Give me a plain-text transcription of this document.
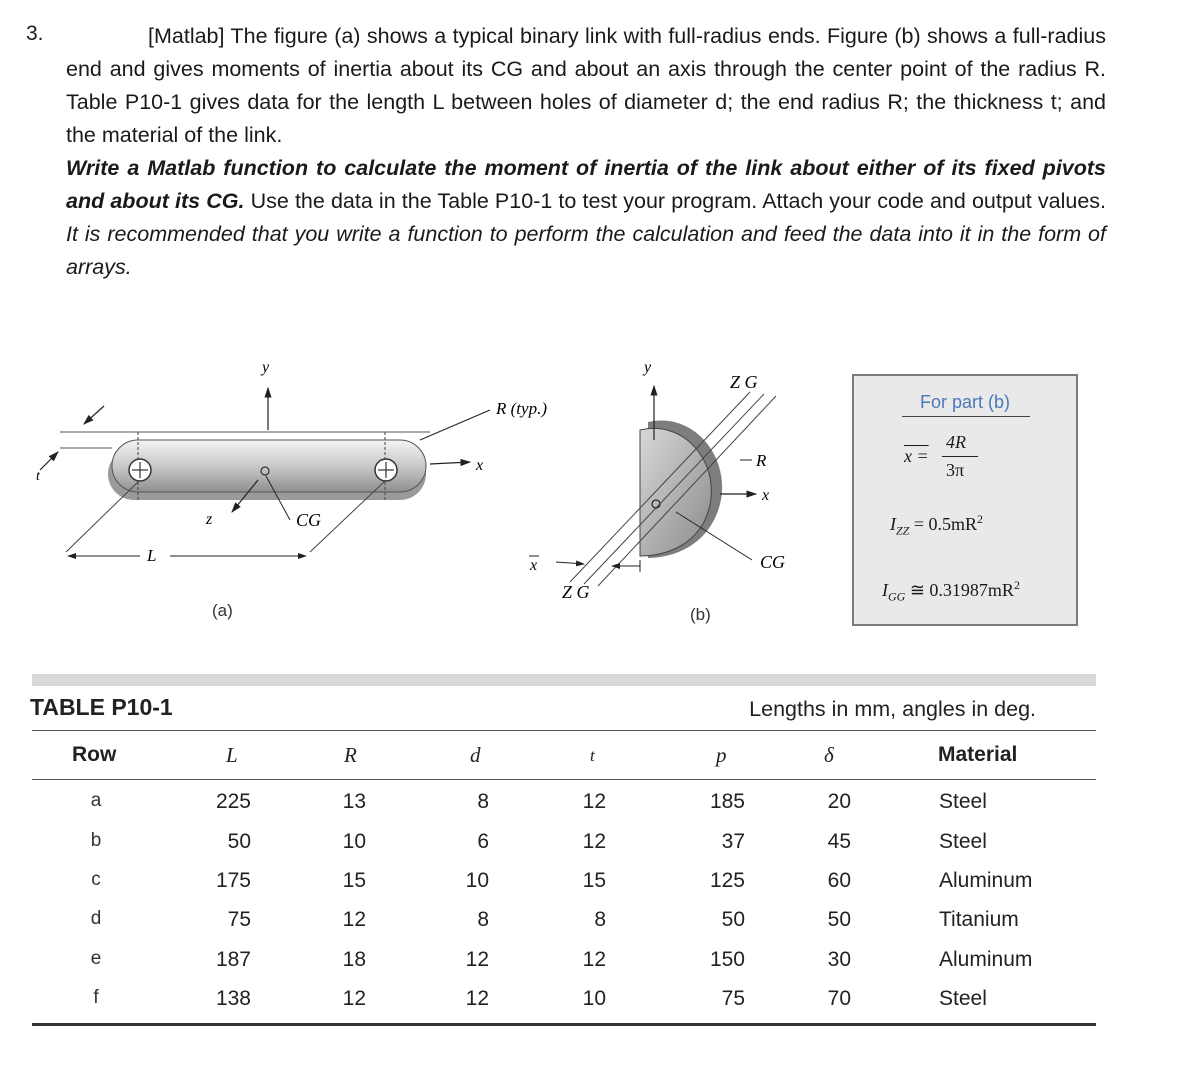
3.	[Matlab] The figure (a) shows a typical binary link with full-radius ends. Figure (b) shows a full-radius end and gives moments of inertia about its CG and about an axis through the center point of the radius R. Table P10-1 gives data for the length L between holes of diameter d; the end radius R; the thickness t; and the material of the link. Write a Matlab function to calculate the moment of inertia of the link about either of its fixed pivots and about its CG. Use the data in the Table P10-1 to test your program. Attach your code and output values. It is recommended that you write a function to perform the calculation and feed the data into it in the form of arrays.
y
x
z
t
L
CG
R (typ.)
(a)
y
Z G
R
x
CG
x
Z G
(b)
For part (b)
x =
4R
3π
$I_{ZZ} = 0.5mR^2$
$I_{GG}$ ≅ $0.31987mR^2$
TABLE P10-1	Lengths in mm, angles in deg.
Row	L	R	d	t	p	δ	Material
a	225	13	8	12	185	20	Steel
b	50	10	6	12	37	45	Steel
c	175	15	10	15	125	60	Aluminum
d	75	12	8	8	50	50	Titanium
e	187	18	12	12	150	30	Aluminum
f	138	12	12	10	75	70	Steel
